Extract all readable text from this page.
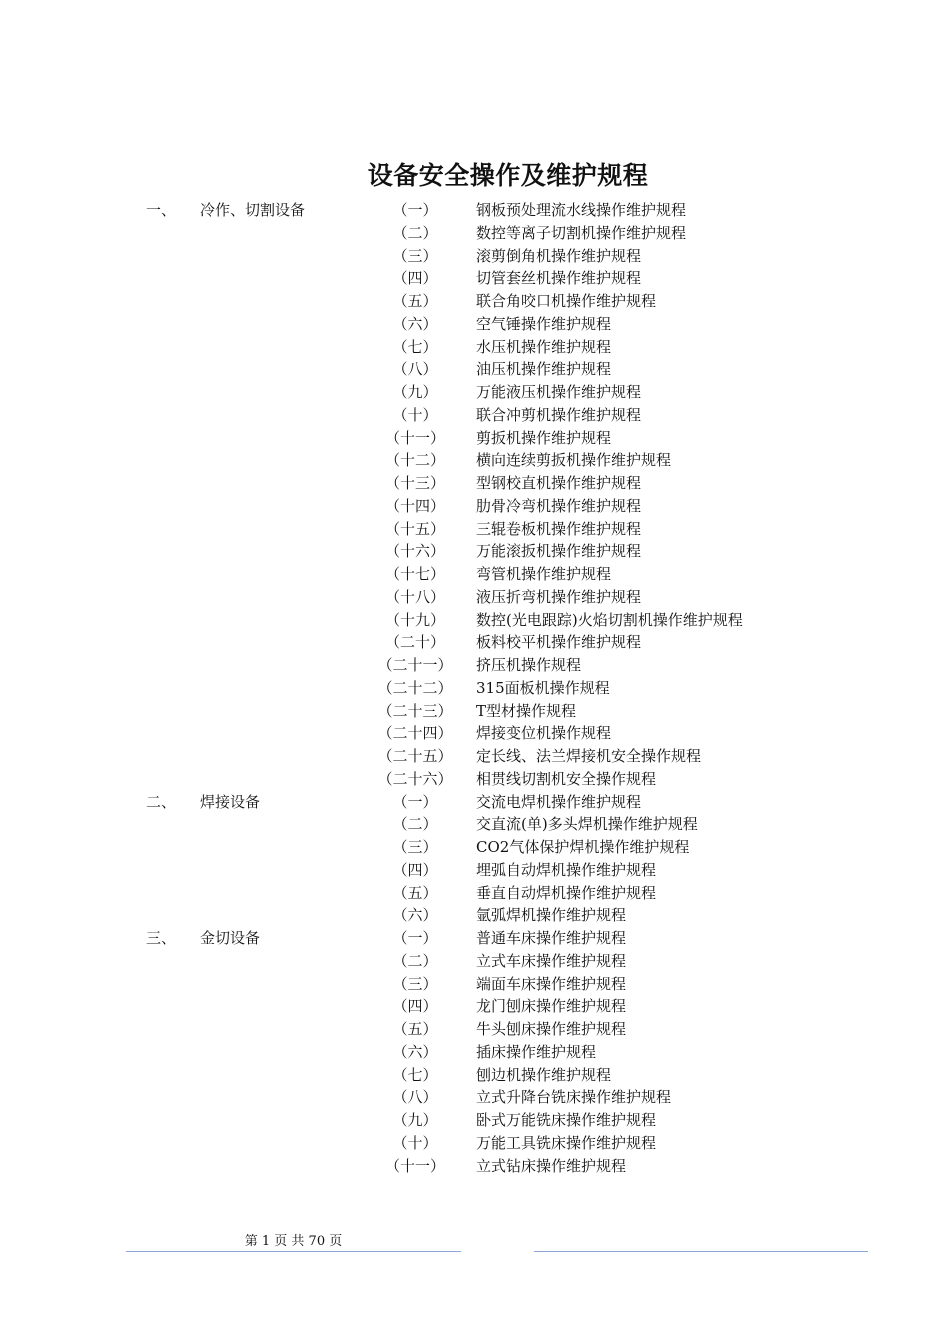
设备安全操作及维护规程
一、 冷作、切割设备	（一）	钢板预处理流水线操作维护规程
（二）	数控等离子切割机操作维护规程
（三）	滚剪倒角机操作维护规程
（四）	切管套丝机操作维护规程
（五）	联合角咬口机操作维护规程
（六）	空气锤操作维护规程
（七）	水压机操作维护规程
（八）	油压机操作维护规程
（九）	万能液压机操作维护规程
（十）	联合冲剪机操作维护规程
（十一）	剪扳机操作维护规程
（十二）	横向连续剪扳机操作维护规程
（十三）	型钢校直机操作维护规程
（十四）	肋骨冷弯机操作维护规程
（十五）	三辊卷板机操作维护规程
（十六）	万能滚扳机操作维护规程
（十七）	弯管机操作维护规程
（十八）	液压折弯机操作维护规程
（十九）	数控(光电跟踪)火焰切割机操作维护规程
（二十）	板料校平机操作维护规程
（二十一）	挤压机操作规程
（二十二）	315面板机操作规程
（二十三）	T型材操作规程
（二十四）	焊接变位机操作规程
（二十五）	定长线、法兰焊接机安全操作规程
（二十六）	相贯线切割机安全操作规程
二、 焊接设备	（一）	交流电焊机操作维护规程
（二）	交直流(单)多头焊机操作维护规程
（三）	CO2气体保护焊机操作维护规程
（四）	埋弧自动焊机操作维护规程
（五）	垂直自动焊机操作维护规程
（六）	氩弧焊机操作维护规程
三、 金切设备	（一）	普通车床操作维护规程
（二）	立式车床操作维护规程
（三）	端面车床操作维护规程
（四）	龙门刨床操作维护规程
（五）	牛头刨床操作维护规程
（六）	插床操作维护规程
（七）	刨边机操作维护规程
（八）	立式升降台铣床操作维护规程
（九）	卧式万能铣床操作维护规程
（十）	万能工具铣床操作维护规程
（十一）	立式钻床操作维护规程
第 1 页 共 70 页
